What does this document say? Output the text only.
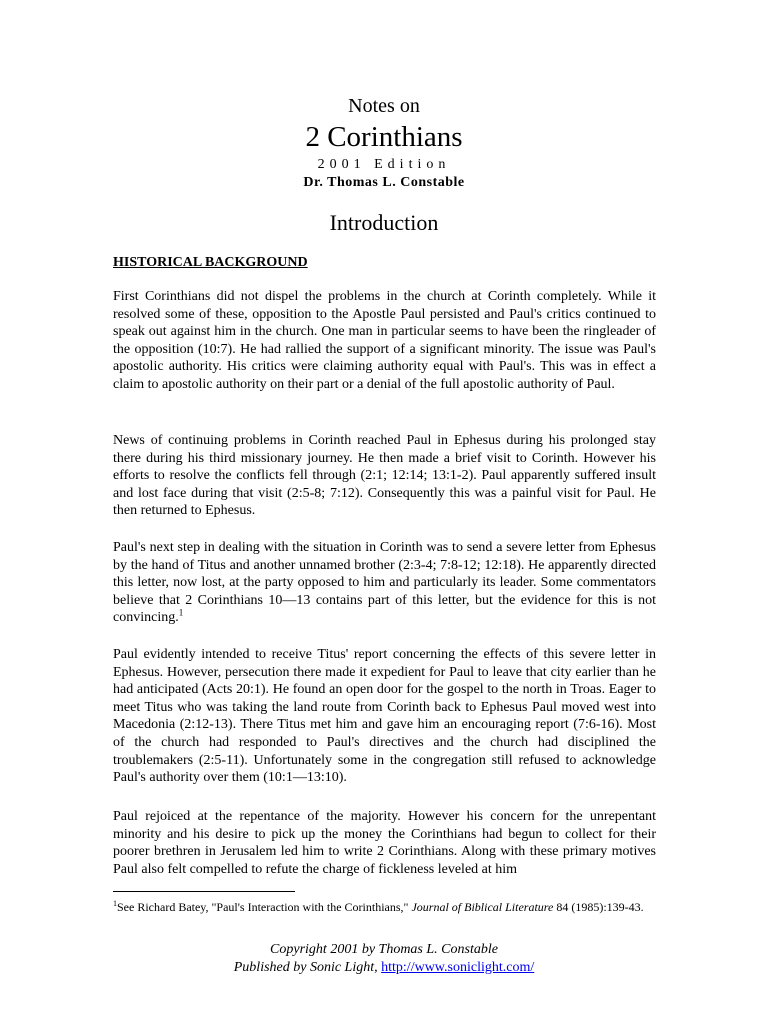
Notes on
2 Corinthians
2001 Edition
Dr. Thomas L. Constable
Introduction
HISTORICAL BACKGROUND

First Corinthians did not dispel the problems in the church at Corinth completely. While it resolved some of these, opposition to the Apostle Paul persisted and Paul's critics continued to speak out against him in the church. One man in particular seems to have been the ringleader of the opposition (10:7). He had rallied the support of a significant minority. The issue was Paul's apostolic authority. His critics were claiming authority equal with Paul's. This was in effect a claim to apostolic authority on their part or a denial of the full apostolic authority of Paul.

News of continuing problems in Corinth reached Paul in Ephesus during his prolonged stay there during his third missionary journey. He then made a brief visit to Corinth. However his efforts to resolve the conflicts fell through (2:1; 12:14; 13:1-2). Paul apparently suffered insult and lost face during that visit (2:5-8; 7:12). Consequently this was a painful visit for Paul. He then returned to Ephesus.

Paul's next step in dealing with the situation in Corinth was to send a severe letter from Ephesus by the hand of Titus and another unnamed brother (2:3-4; 7:8-12; 12:18). He apparently directed this letter, now lost, at the party opposed to him and particularly its leader. Some commentators believe that 2 Corinthians 10—13 contains part of this letter, but the evidence for this is not convincing.$^1$

Paul evidently intended to receive Titus' report concerning the effects of this severe letter in Ephesus. However, persecution there made it expedient for Paul to leave that city earlier than he had anticipated (Acts 20:1). He found an open door for the gospel to the north in Troas. Eager to meet Titus who was taking the land route from Corinth back to Ephesus Paul moved west into Macedonia (2:12-13). There Titus met him and gave him an encouraging report (7:6-16). Most of the church had responded to Paul's directives and the church had disciplined the troublemakers (2:5-11). Unfortunately some in the congregation still refused to acknowledge Paul's authority over them (10:1—13:10).

Paul rejoiced at the repentance of the majority. However his concern for the unrepentant minority and his desire to pick up the money the Corinthians had begun to collect for their poorer brethren in Jerusalem led him to write 2 Corinthians. Along with these primary motives Paul also felt compelled to refute the charge of fickleness leveled at him

$^1$See Richard Batey, "Paul's Interaction with the Corinthians," Journal of Biblical Literature 84 (1985):139-43.

Copyright 2001 by Thomas L. Constable
Published by Sonic Light, http://www.soniclight.com/
